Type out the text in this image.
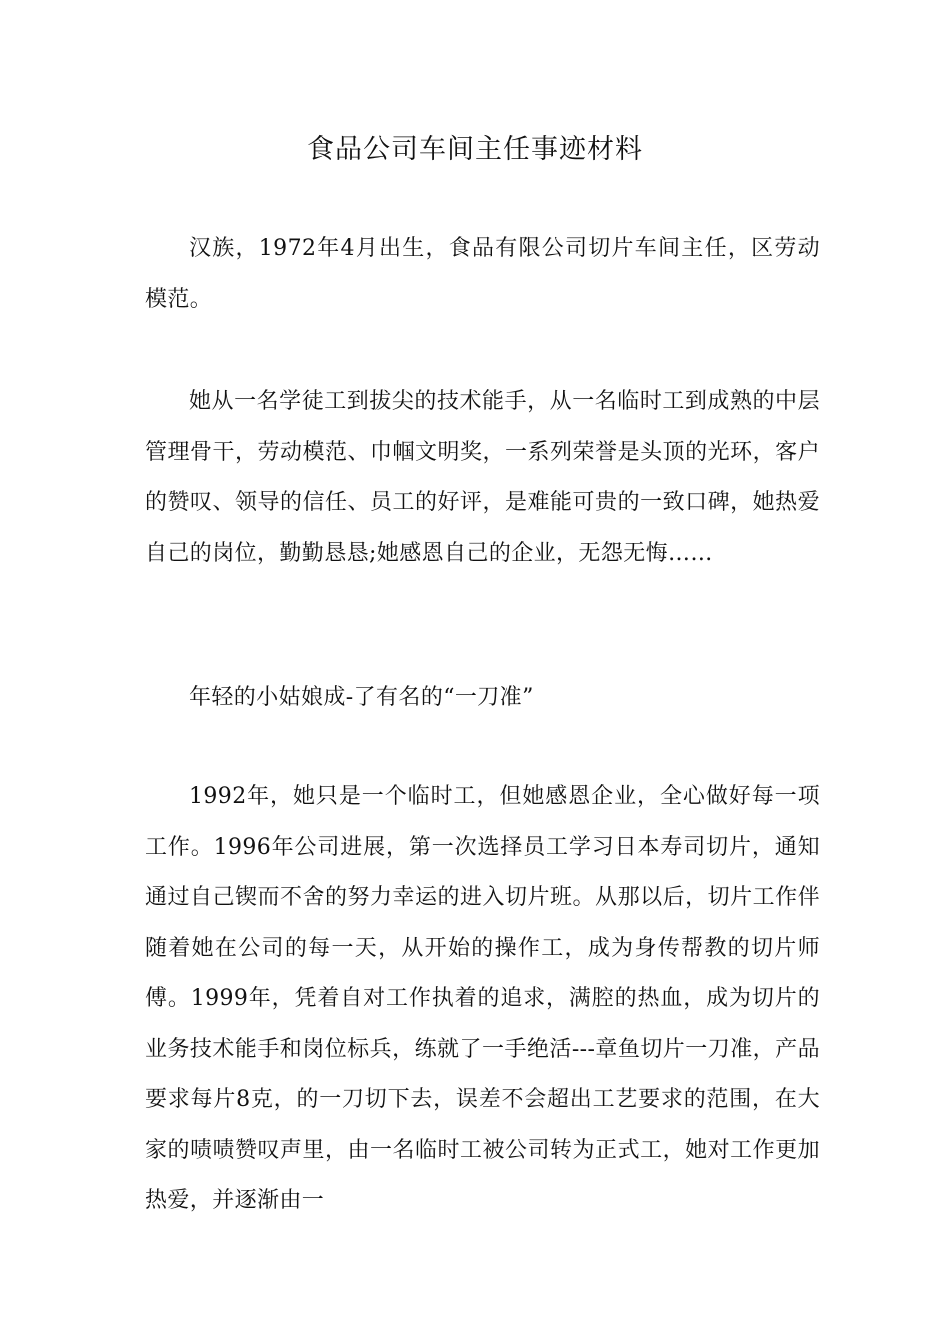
食品公司车间主任事迹材料

汉族，1972年4月出生，食品有限公司切片车间主任，区劳动模范。

她从一名学徒工到拔尖的技术能手，从一名临时工到成熟的中层管理骨干，劳动模范、巾帼文明奖，一系列荣誉是头顶的光环，客户的赞叹、领导的信任、员工的好评，是难能可贵的一致口碑，她热爱自己的岗位，勤勤恳恳;她感恩自己的企业，无怨无悔……

年轻的小姑娘成-了有名的“一刀准”

1992年，她只是一个临时工，但她感恩企业，全心做好每一项工作。1996年公司进展，第一次选择员工学习日本寿司切片，通知通过自己锲而不舍的努力幸运的进入切片班。从那以后，切片工作伴随着她在公司的每一天，从开始的操作工，成为身传帮教的切片师傅。1999年，凭着自对工作执着的追求，满腔的热血，成为切片的业务技术能手和岗位标兵，练就了一手绝活---章鱼切片一刀准，产品要求每片8克，的一刀切下去，误差不会超出工艺要求的范围，在大家的啧啧赞叹声里，由一名临时工被公司转为正式工，她对工作更加热爱，并逐渐由一
